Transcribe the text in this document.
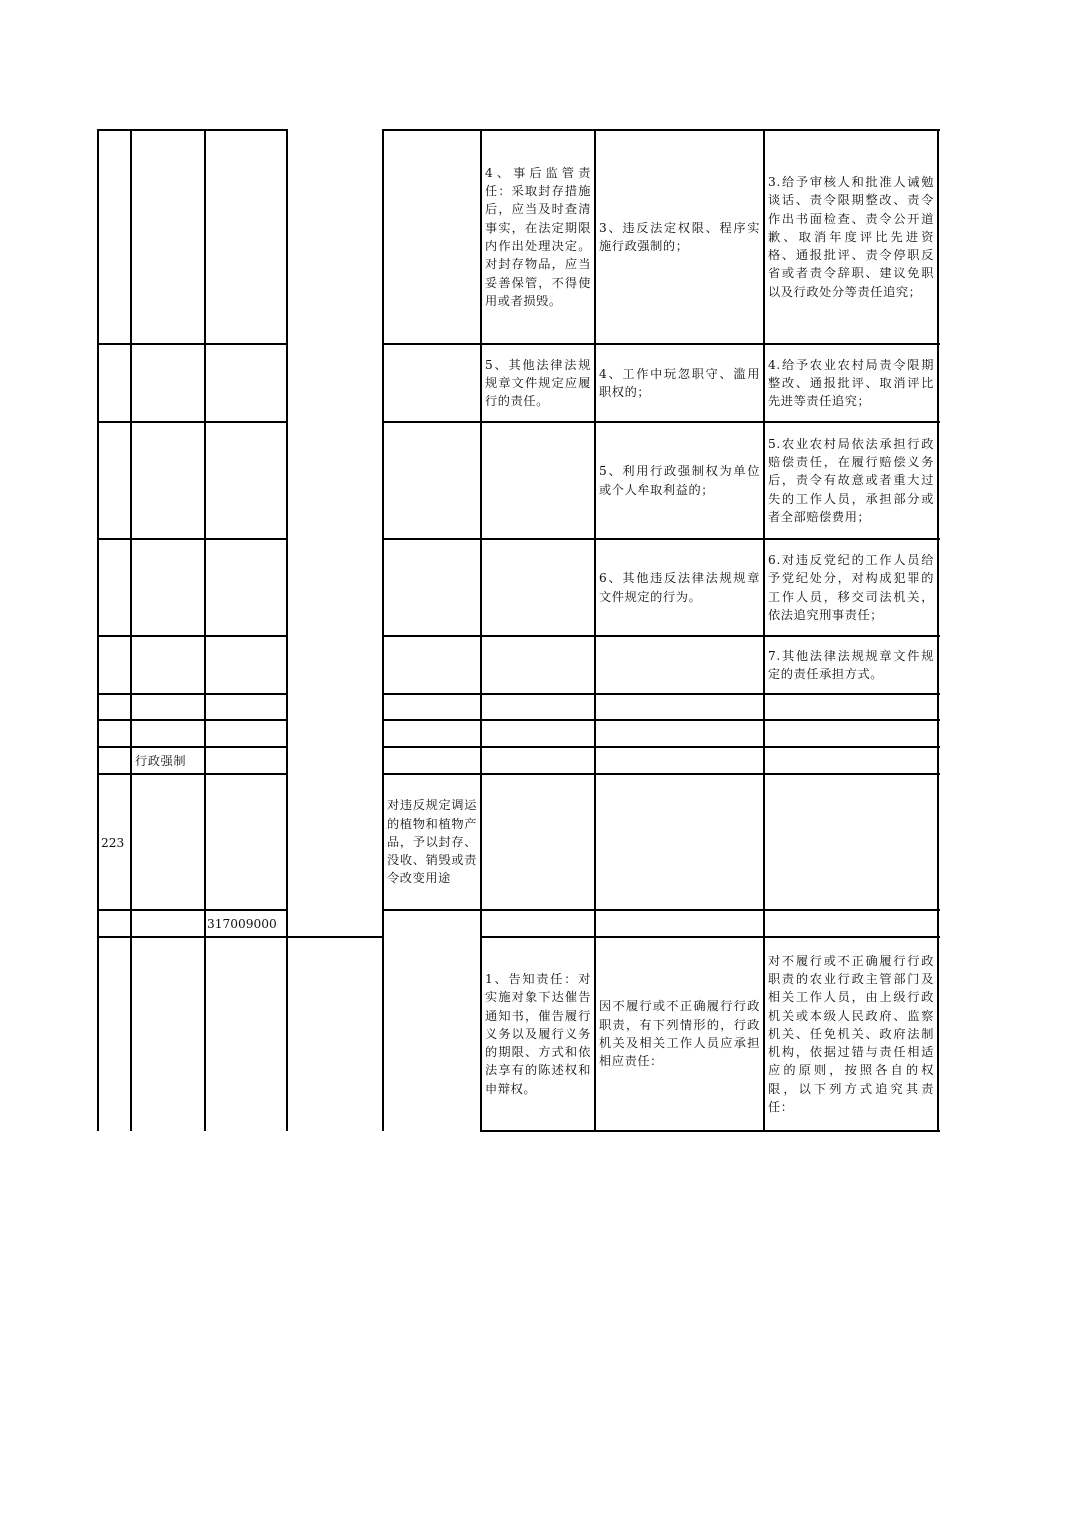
4、事后监管责任：采取封存措施后，应当及时查清事实，在法定期限内作出处理决定。对封存物品，应当妥善保管，不得使用或者损毁。
3、违反法定权限、程序实施行政强制的；
3.给予审核人和批准人诫勉谈话、责令限期整改、责令作出书面检查、责令公开道歉、取消年度评比先进资格、通报批评、责令停职反省或者责令辞职、建议免职以及行政处分等责任追究；
5、其他法律法规规章文件规定应履行的责任。
4、工作中玩忽职守、滥用职权的；
4.给予农业农村局责令限期整改、通报批评、取消评比先进等责任追究；
5、利用行政强制权为单位或个人牟取利益的；
5.农业农村局依法承担行政赔偿责任，在履行赔偿义务后，责令有故意或者重大过失的工作人员，承担部分或者全部赔偿费用；
6、其他违反法律法规规章文件规定的行为。
6.对违反党纪的工作人员给予党纪处分，对构成犯罪的工作人员，移交司法机关，依法追究刑事责任；
7.其他法律法规规章文件规定的责任承担方式。
行政强制
223
对违反规定调运的植物和植物产品，予以封存、没收、销毁或责令改变用途
317009000
1、告知责任：对实施对象下达催告通知书，催告履行义务以及履行义务的期限、方式和依法享有的陈述权和申辩权。
因不履行或不正确履行行政职责，有下列情形的，行政机关及相关工作人员应承担相应责任：
对不履行或不正确履行行政职责的农业行政主管部门及相关工作人员，由上级行政机关或本级人民政府、监察机关、任免机关、政府法制机构，依据过错与责任相适应的原则，按照各自的权限，以下列方式追究其责任：
